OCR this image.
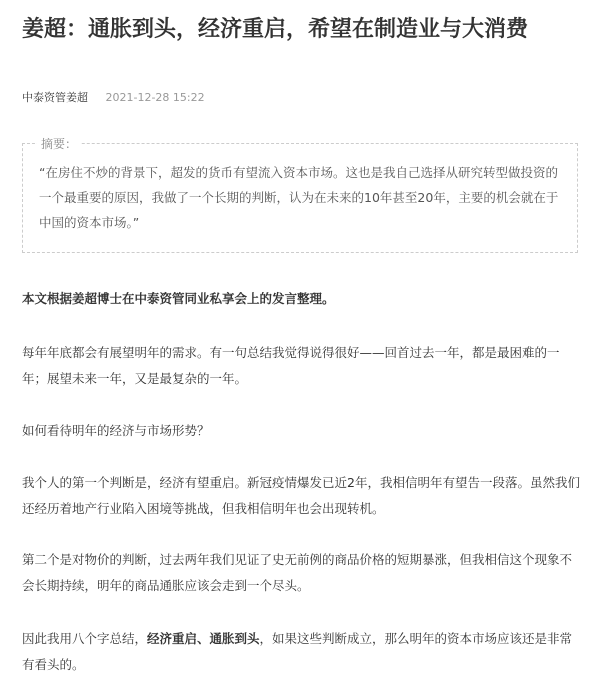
姜超：通胀到头，经济重启，希望在制造业与大消费
中泰资管姜超 2021-12-28 15:22
摘要：

“在房住不炒的背景下，超发的货币有望流入资本市场。这也是我自己选择从研究转型做投资的一个最重要的原因，我做了一个长期的判断，认为在未来的10年甚至20年，主要的机会就在于中国的资本市场。”

本文根据姜超博士在中泰资管同业私享会上的发言整理。

每年年底都会有展望明年的需求。有一句总结我觉得说得很好——回首过去一年，都是最困难的一年；展望未来一年，又是最复杂的一年。

如何看待明年的经济与市场形势？

我个人的第一个判断是，经济有望重启。新冠疫情爆发已近2年，我相信明年有望告一段落。虽然我们还经历着地产行业陷入困境等挑战，但我相信明年也会出现转机。

第二个是对物价的判断，过去两年我们见证了史无前例的商品价格的短期暴涨，但我相信这个现象不会长期持续，明年的商品通胀应该会走到一个尽头。

因此我用八个字总结，经济重启、通胀到头，如果这些判断成立，那么明年的资本市场应该还是非常有看头的。
